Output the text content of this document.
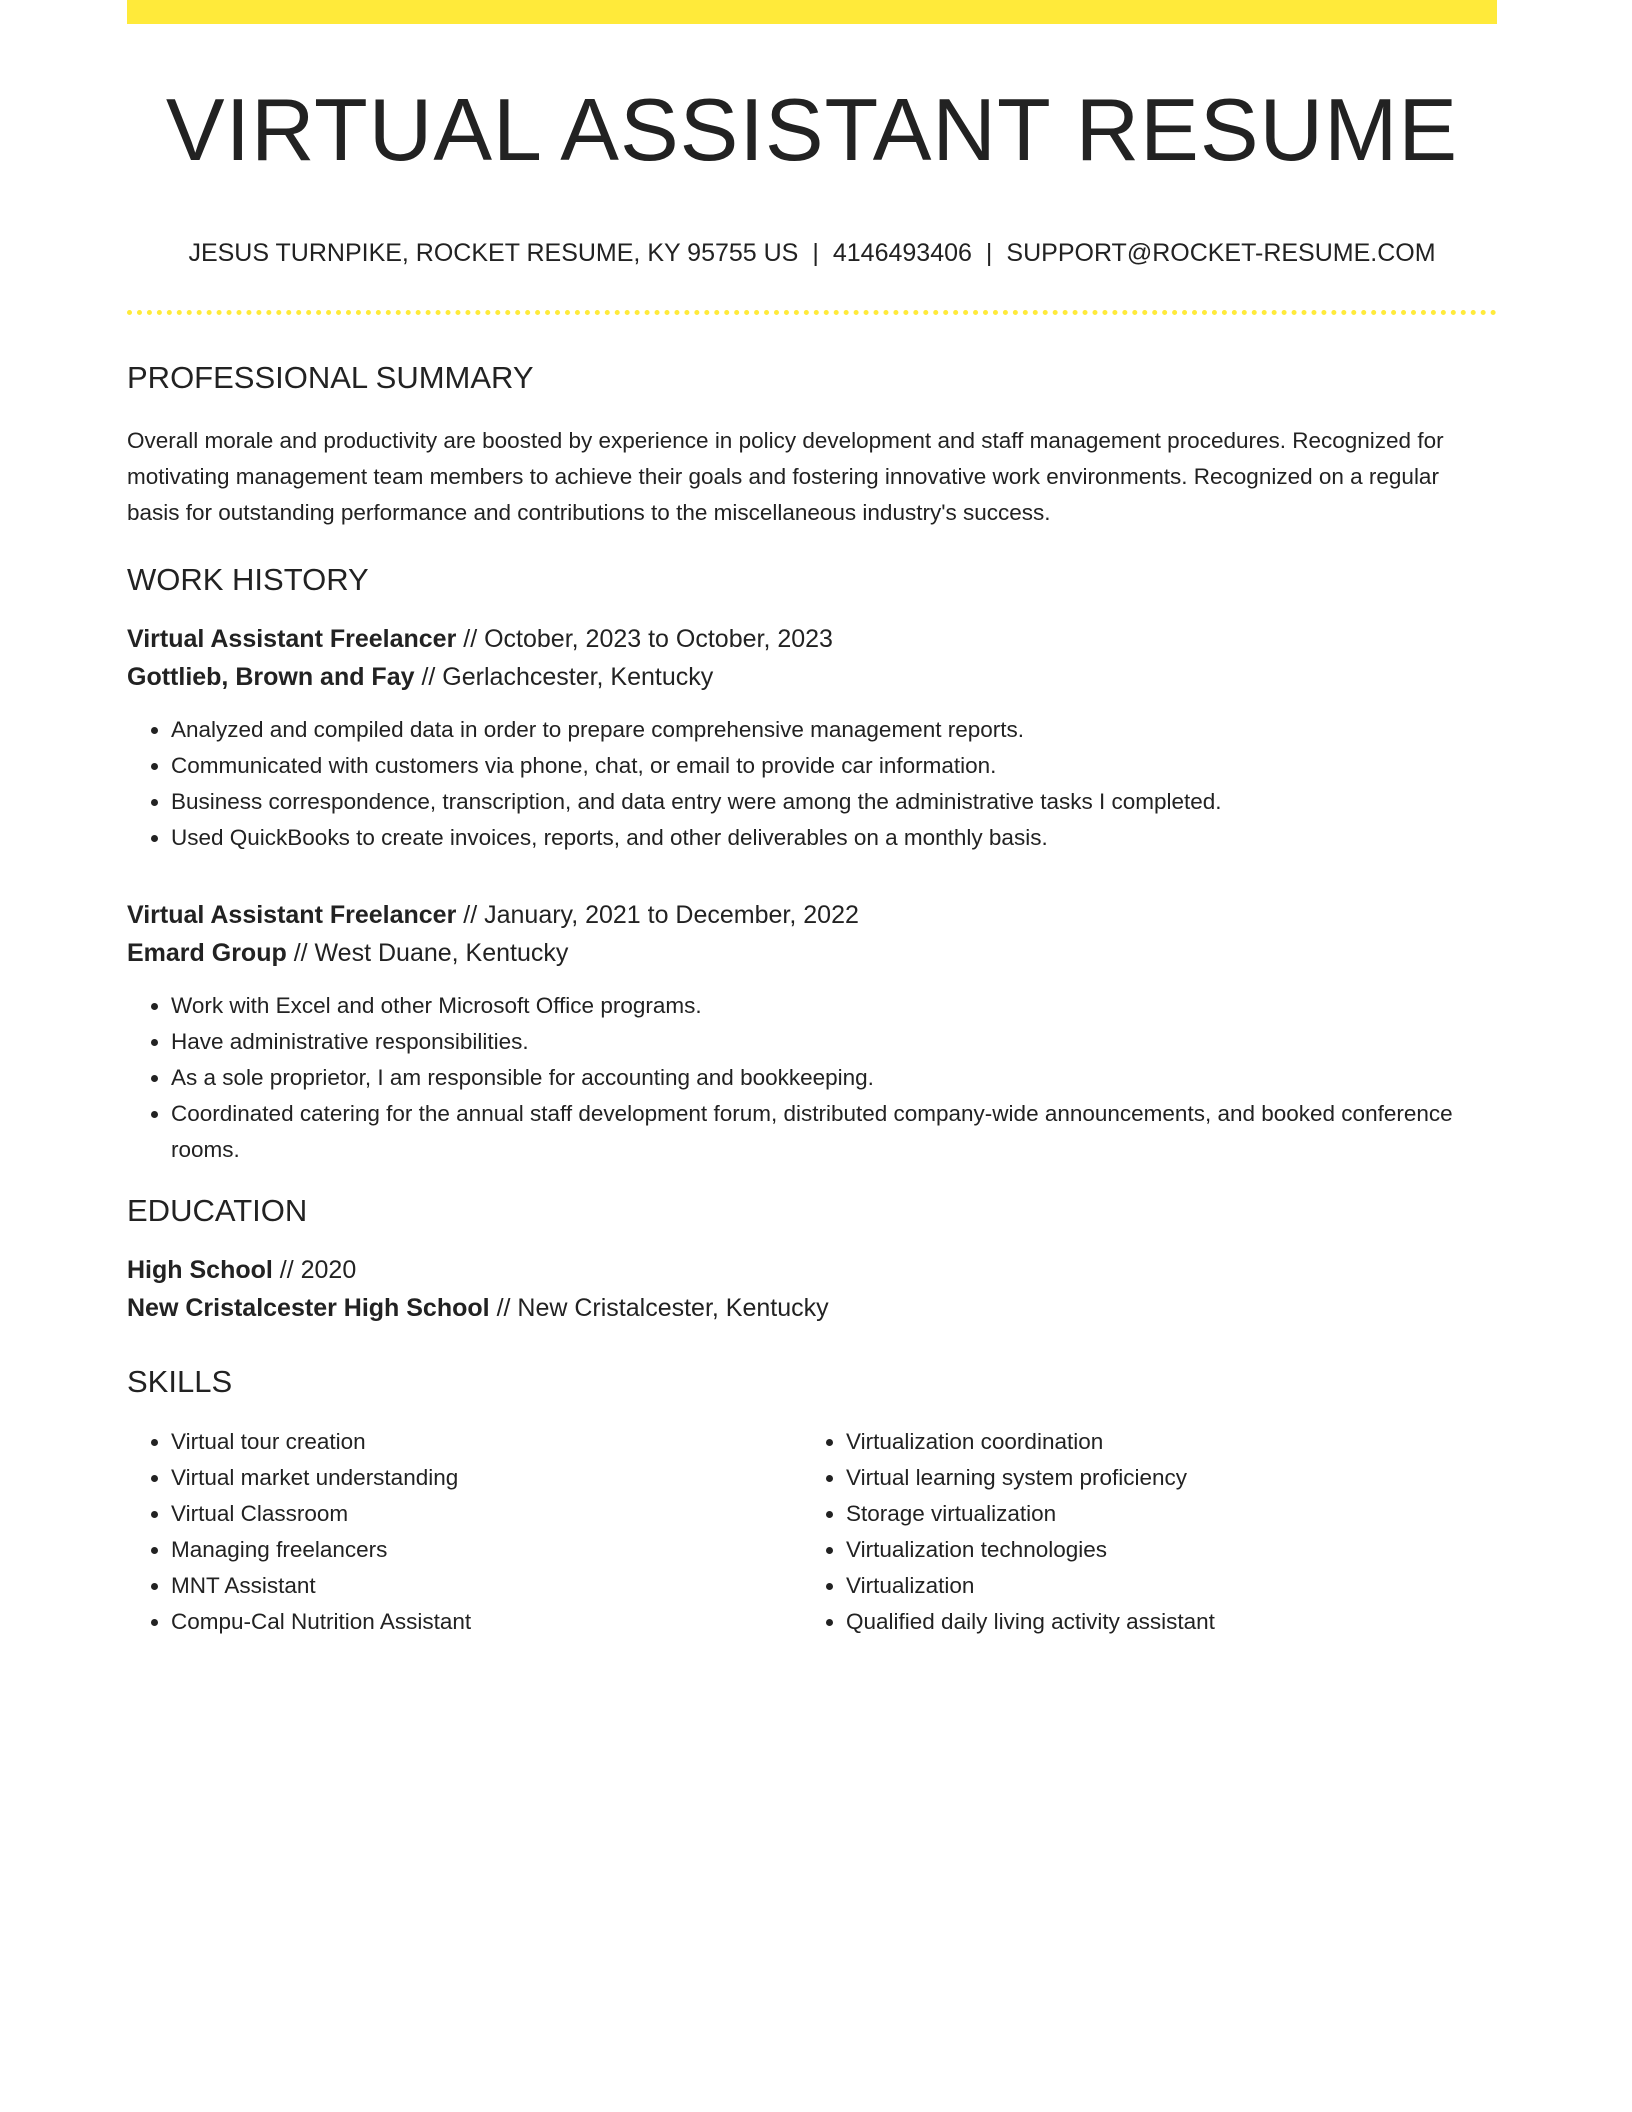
VIRTUAL ASSISTANT RESUME
JESUS TURNPIKE, ROCKET RESUME, KY 95755 US | 4146493406 | SUPPORT@ROCKET-RESUME.COM
PROFESSIONAL SUMMARY

Overall morale and productivity are boosted by experience in policy development and staff management procedures. Recognized for motivating management team members to achieve their goals and fostering innovative work environments. Recognized on a regular basis for outstanding performance and contributions to the miscellaneous industry's success.

WORK HISTORY
Virtual Assistant Freelancer // October, 2023 to October, 2023
Gottlieb, Brown and Fay // Gerlachcester, Kentucky
• Analyzed and compiled data in order to prepare comprehensive management reports.
• Communicated with customers via phone, chat, or email to provide car information.
• Business correspondence, transcription, and data entry were among the administrative tasks I completed.
• Used QuickBooks to create invoices, reports, and other deliverables on a monthly basis.
Virtual Assistant Freelancer // January, 2021 to December, 2022
Emard Group // West Duane, Kentucky
• Work with Excel and other Microsoft Office programs.
• Have administrative responsibilities.
• As a sole proprietor, I am responsible for accounting and bookkeeping.
• Coordinated catering for the annual staff development forum, distributed company-wide announcements, and booked conference rooms.
EDUCATION
High School // 2020
New Cristalcester High School // New Cristalcester, Kentucky
SKILLS
• Virtual tour creation
• Virtual market understanding
• Virtual Classroom
• Managing freelancers
• MNT Assistant
• Compu-Cal Nutrition Assistant
• Virtualization coordination
• Virtual learning system proficiency
• Storage virtualization
• Virtualization technologies
• Virtualization
• Qualified daily living activity assistant
